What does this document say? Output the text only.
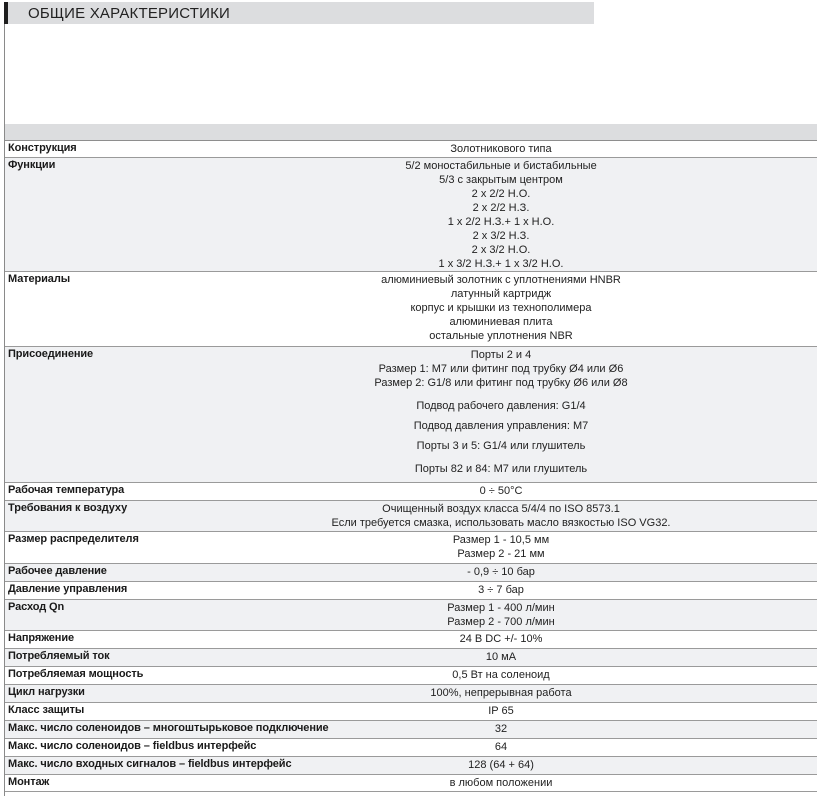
ОБЩИЕ ХАРАКТЕРИСТИКИ
Конструкция	Золотникового типа
Функции	5/2 моностабильные и бистабильные
5/3 с закрытым центром
2 x 2/2 Н.О.
2 x 2/2 Н.З.
1 x 2/2 Н.З.+ 1 x Н.О.
2 x 3/2 Н.З.
2 x 3/2 Н.О.
1 x 3/2 Н.З.+ 1 x 3/2 Н.О.
Материалы	алюминиевый золотник с уплотнениями HNBR
латунный картридж
корпус и крышки из технополимера
алюминиевая плита
остальные уплотнения NBR
Присоединение	Порты 2 и 4
Размер 1: M7 или фитинг под трубку Ø4 или Ø6
Размер 2: G1/8 или фитинг под трубку Ø6 или Ø8
Подвод рабочего давления: G1/4
Подвод давления управления: M7
Порты 3 и 5: G1/4 или глушитель
Порты 82 и 84: M7 или глушитель
Рабочая температура	0 ÷ 50°C
Требования к воздуху	Очищенный воздух класса 5/4/4 по ISO 8573.1
Если требуется смазка, использовать масло вязкостью ISO VG32.
Размер распределителя	Размер 1 - 10,5 мм
Размер 2 - 21 мм
Рабочее давление	- 0,9 ÷ 10 бар
Давление управления	3 ÷ 7 бар
Расход Qn	Размер 1 - 400 л/мин
Размер 2 - 700 л/мин
Напряжение	24 В DC +/- 10%
Потребляемый ток	10 мА
Потребляемая мощность	0,5 Вт на соленоид
Цикл нагрузки	100%, непрерывная работа
Класс защиты	IP 65
Макс. число соленоидов – многоштырьковое подключение	32
Макс. число соленоидов – fieldbus интерфейс	64
Макс. число входных сигналов – fieldbus интерфейс	128 (64 + 64)
Монтаж	в любом положении
